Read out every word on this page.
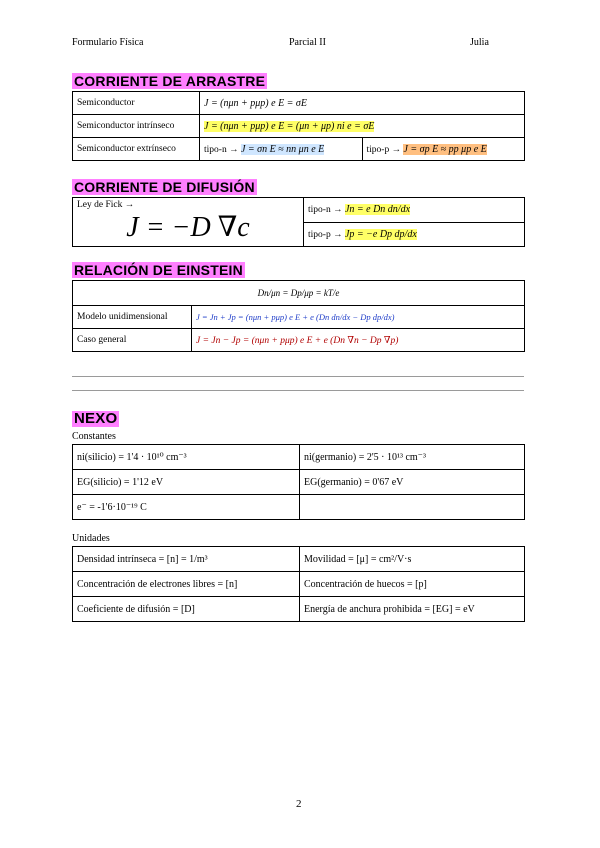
Formulario Física	Parcial II	Julia
CORRIENTE DE ARRASTRE
Semiconductor	J = (nμn + pμp) e E = σE	
Semiconductor intrínseco	J = (nμn + pμp) e E = (μn + μp) ni e = σE	
Semiconductor extrínseco	tipo-n → J = σn E ≈ nn μn e E	tipo-p → J = σp E ≈ pp μp e E
CORRIENTE DE DIFUSIÓN
Ley de Fick →
J = −D ∇c
	tipo-n → Jn = e Dn dn/dx
tipo-p → Jp = −e Dp dp/dx
RELACIÓN DE EINSTEIN
Dn/μn = Dp/μp = kT/e	
Modelo unidimensional	J = Jn + Jp = (nμn + pμp) e E + e (Dn dn/dx − Dp dp/dx)
Caso general	J = Jn − Jp = (nμn + pμp) e E + e (Dn ∇n − Dp ∇p)
NEXO
Constantes
ni(silicio) = 1'4 · 10¹⁰ cm⁻³	ni(germanio) = 2'5 · 10¹³ cm⁻³
EG(silicio) = 1'12 eV	EG(germanio) = 0'67 eV
e⁻ = -1'6·10⁻¹⁹ C	
Unidades
Densidad intrínseca = [n] = 1/m³	Movilidad = [μ] = cm²/V·s
Concentración de electrones libres = [n]	Concentración de huecos = [p]
Coeficiente de difusión = [D]	Energía de anchura prohibida = [EG] = eV
2
